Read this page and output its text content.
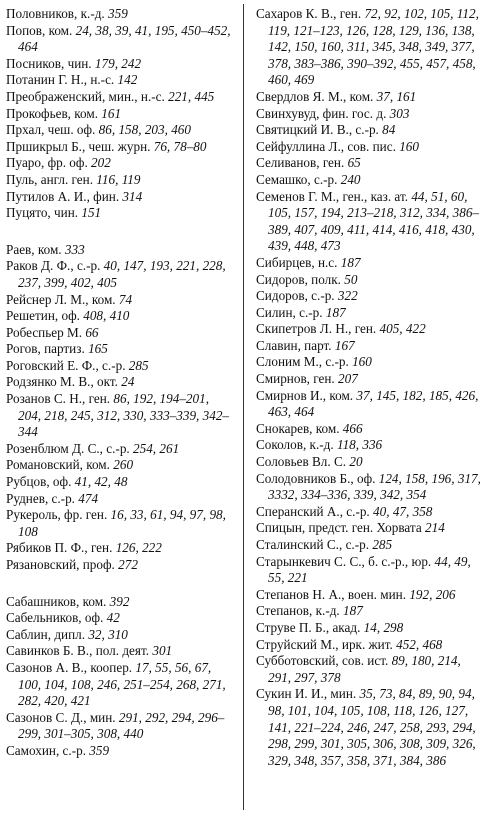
Половников, к.-д. 359

Попов, ком. 24, 38, 39, 41, 195, 450–452, 464

Посников, чин. 179, 242

Потанин Г. Н., н.-с. 142

Преображенский, мин., н.-с. 221, 445

Прокофьев, ком. 161

Прхал, чеш. оф. 86, 158, 203, 460

Пршикрыл Б., чеш. журн. 76, 78–80

Пуаро, фр. оф. 202

Пуль, англ. ген. 116, 119

Путилов А. И., фин. 314

Пуцято, чин. 151

Раев, ком. 333

Раков Д. Ф., с.-р. 40, 147, 193, 221, 228, 237, 399, 402, 405

Рейснер Л. М., ком. 74

Решетин, оф. 408, 410

Робеспьер М. 66

Рогов, партиз. 165

Роговский Е. Ф., с.-р. 285

Родзянко М. В., окт. 24

Розанов С. Н., ген. 86, 192, 194–201, 204, 218, 245, 312, 330, 333–339, 342–344

Розенблюм Д. С., с.-р. 254, 261

Романовский, ком. 260

Рубцов, оф. 41, 42, 48

Руднев, с.-р. 474

Рукероль, фр. ген. 16, 33, 61, 94, 97, 98, 108

Рябиков П. Ф., ген. 126, 222

Рязановский, проф. 272

Сабашников, ком. 392

Сабельников, оф. 42

Саблин, дипл. 32, 310

Савинков Б. В., пол. деят. 301

Сазонов А. В., коопер. 17, 55, 56, 67, 100, 104, 108, 246, 251–254, 268, 271, 282, 420, 421

Сазонов С. Д., мин. 291, 292, 294, 296–299, 301–305, 308, 440

Самохин, с.-р. 359

Сахаров К. В., ген. 72, 92, 102, 105, 112, 119, 121–123, 126, 128, 129, 136, 138, 142, 150, 160, 311, 345, 348, 349, 377, 378, 383–386, 390–392, 455, 457, 458, 460, 469

Свердлов Я. М., ком. 37, 161

Свинхувуд, фин. гос. д. 303

Святицкий И. В., с.-р. 84

Сейфуллина Л., сов. пис. 160

Селиванов, ген. 65

Семашко, с.-р. 240

Семенов Г. М., ген., каз. ат. 44, 51, 60, 105, 157, 194, 213–218, 312, 334, 386–389, 407, 409, 411, 414, 416, 418, 430, 439, 448, 473

Сибирцев, н.с. 187

Сидоров, полк. 50

Сидоров, с.-р. 322

Силин, с.-р. 187

Скипетров Л. Н., ген. 405, 422

Славин, парт. 167

Слоним М., с.-р. 160

Смирнов, ген. 207

Смирнов И., ком. 37, 145, 182, 185, 426, 463, 464

Снокарев, ком. 466

Соколов, к.-д. 118, 336

Соловьев Вл. С. 20

Солодовников Б., оф. 124, 158, 196, 317, 3332, 334–336, 339, 342, 354

Сперанский А., с.-р. 40, 47, 358

Спицын, предст. ген. Хорвата 214

Сталинский С., с.-р. 285

Старынкевич С. С., б. с.-р., юр. 44, 49, 55, 221

Степанов Н. А., воен. мин. 192, 206

Степанов, к.-д. 187

Струве П. Б., акад. 14, 298

Струйский М., ирк. жит. 452, 468

Субботовский, сов. ист. 89, 180, 214, 291, 297, 378

Сукин И. И., мин. 35, 73, 84, 89, 90, 94, 98, 101, 104, 105, 108, 118, 126, 127, 141, 221–224, 246, 247, 258, 293, 294, 298, 299, 301, 305, 306, 308, 309, 326, 329, 348, 357, 358, 371, 384, 386
